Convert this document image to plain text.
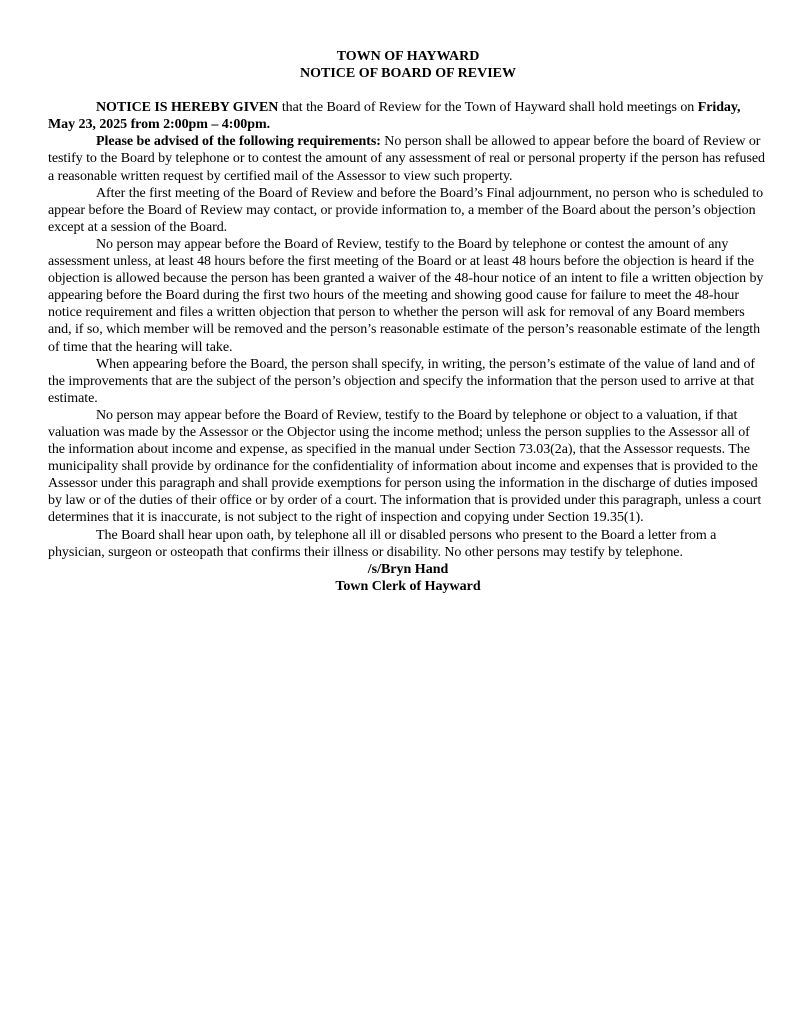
TOWN OF HAYWARD

NOTICE OF BOARD OF REVIEW

NOTICE IS HEREBY GIVEN that the Board of Review for the Town of Hayward shall hold meetings on Friday, May 23, 2025 from 2:00pm – 4:00pm.

Please be advised of the following requirements: No person shall be allowed to appear before the board of Review or testify to the Board by telephone or to contest the amount of any assessment of real or personal property if the person has refused a reasonable written request by certified mail of the Assessor to view such property.

After the first meeting of the Board of Review and before the Board’s Final adjournment, no person who is scheduled to appear before the Board of Review may contact, or provide information to, a member of the Board about the person’s objection except at a session of the Board.

No person may appear before the Board of Review, testify to the Board by telephone or contest the amount of any assessment unless, at least 48 hours before the first meeting of the Board or at least 48 hours before the objection is heard if the objection is allowed because the person has been granted a waiver of the 48-hour notice of an intent to file a written objection by appearing before the Board during the first two hours of the meeting and showing good cause for failure to meet the 48-hour notice requirement and files a written objection that person to whether the person will ask for removal of any Board members and, if so, which member will be removed and the person’s reasonable estimate of the person’s reasonable estimate of the length of time that the hearing will take.

When appearing before the Board, the person shall specify, in writing, the person’s estimate of the value of land and of the improvements that are the subject of the person’s objection and specify the information that the person used to arrive at that estimate.

No person may appear before the Board of Review, testify to the Board by telephone or object to a valuation, if that valuation was made by the Assessor or the Objector using the income method; unless the person supplies to the Assessor all of the information about income and expense, as specified in the manual under Section 73.03(2a), that the Assessor requests. The municipality shall provide by ordinance for the confidentiality of information about income and expenses that is provided to the Assessor under this paragraph and shall provide exemptions for person using the information in the discharge of duties imposed by law or of the duties of their office or by order of a court. The information that is provided under this paragraph, unless a court determines that it is inaccurate, is not subject to the right of inspection and copying under Section 19.35(1).

The Board shall hear upon oath, by telephone all ill or disabled persons who present to the Board a letter from a physician, surgeon or osteopath that confirms their illness or disability. No other persons may testify by telephone.

/s/Bryn Hand

Town Clerk of Hayward
